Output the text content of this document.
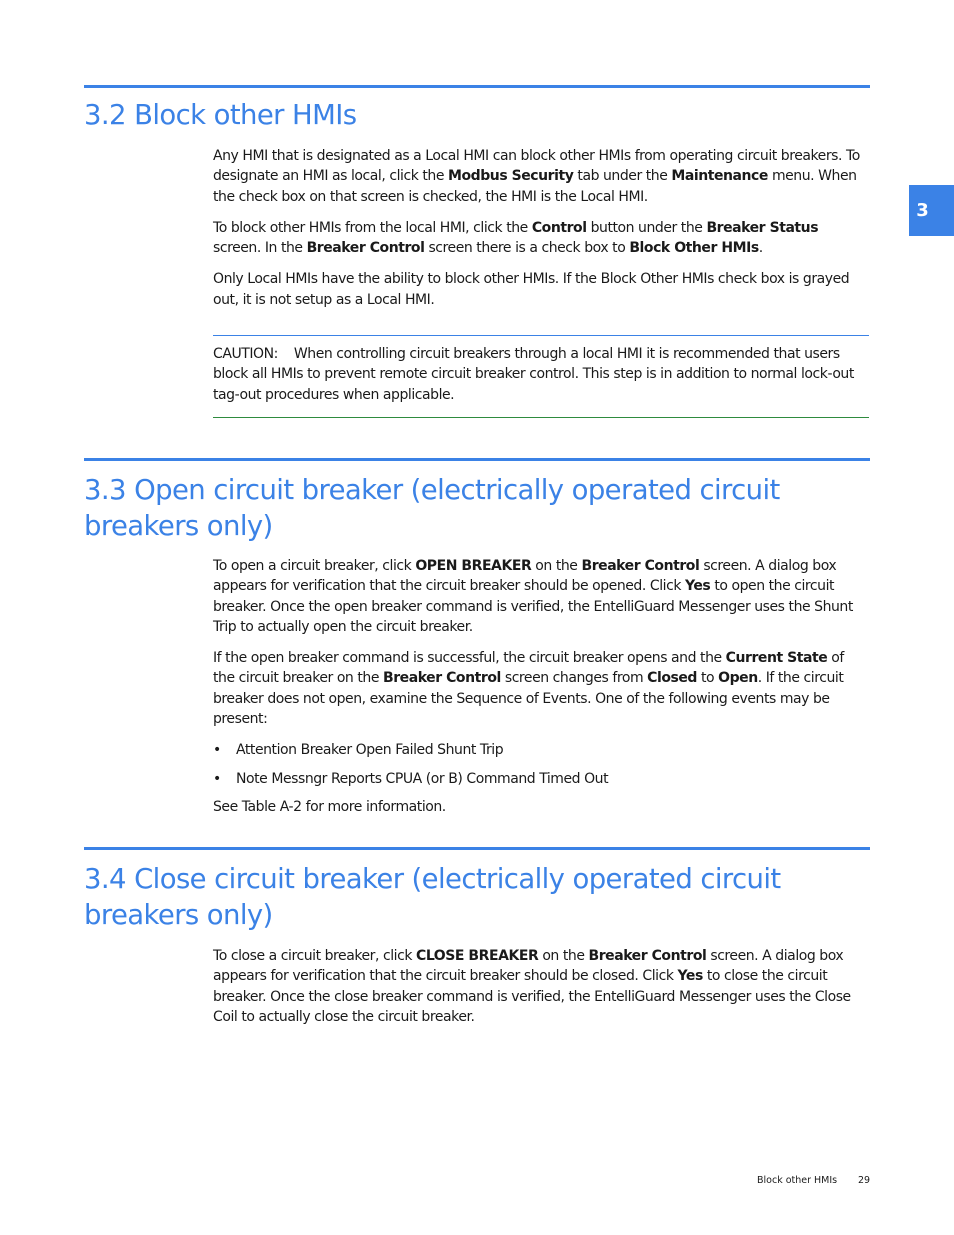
3
3.2 Block other HMIs

Any HMI that is designated as a Local HMI can block other HMIs from operating circuit breakers. To designate an HMI as local, click the Modbus Security tab under the Maintenance menu. When the check box on that screen is checked, the HMI is the Local HMI.

To block other HMIs from the local HMI, click the Control button under the Breaker Status screen. In the Breaker Control screen there is a check box to Block Other HMIs.

Only Local HMIs have the ability to block other HMIs. If the Block Other HMIs check box is grayed out, it is not setup as a Local HMI.

CAUTION: When controlling circuit breakers through a local HMI it is recommended that users block all HMIs to prevent remote circuit breaker control. This step is in addition to normal lock-out tag-out procedures when applicable.
3.3 Open circuit breaker (electrically operated circuit breakers only)

To open a circuit breaker, click OPEN BREAKER on the Breaker Control screen. A dialog box appears for verification that the circuit breaker should be opened. Click Yes to open the circuit breaker. Once the open breaker command is verified, the EntelliGuard Messenger uses the Shunt Trip to actually open the circuit breaker.

If the open breaker command is successful, the circuit breaker opens and the Current State of the circuit breaker on the Breaker Control screen changes from Closed to Open. If the circuit breaker does not open, examine the Sequence of Events. One of the following events may be present:

• Attention Breaker Open Failed Shunt Trip
• Note Messngr Reports CPUA (or B) Command Timed Out

See Table A-2 for more information.

3.4 Close circuit breaker (electrically operated circuit breakers only)

To close a circuit breaker, click CLOSE BREAKER on the Breaker Control screen. A dialog box appears for verification that the circuit breaker should be closed. Click Yes to close the circuit breaker. Once the close breaker command is verified, the EntelliGuard Messenger uses the Close Coil to actually close the circuit breaker.

Block other HMIs 29
